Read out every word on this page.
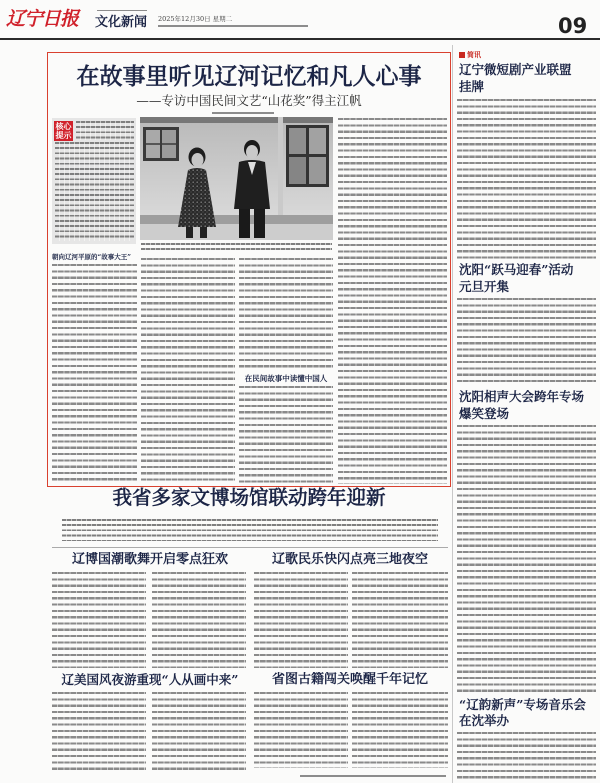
辽宁日报 文化新闻 2025年12月30日 星期二	09
在故事里听见辽河记忆和凡人心事
——专访中国民间文艺“山花奖”得主江帆
核心提示
朝向辽河平原的“故事大王”
在民间故事中读懂中国人
我省多家文博场馆联动跨年迎新
辽博国潮歌舞开启零点狂欢	辽歌民乐快闪点亮三地夜空
辽美国风夜游重现“人从画中来”	省图古籍闯关唤醒千年记忆
简讯
辽宁微短剧产业联盟
挂牌
沈阳“跃马迎春”活动
元旦开集
沈阳相声大会跨年专场
爆笑登场
“辽韵新声”专场音乐会
在沈举办
